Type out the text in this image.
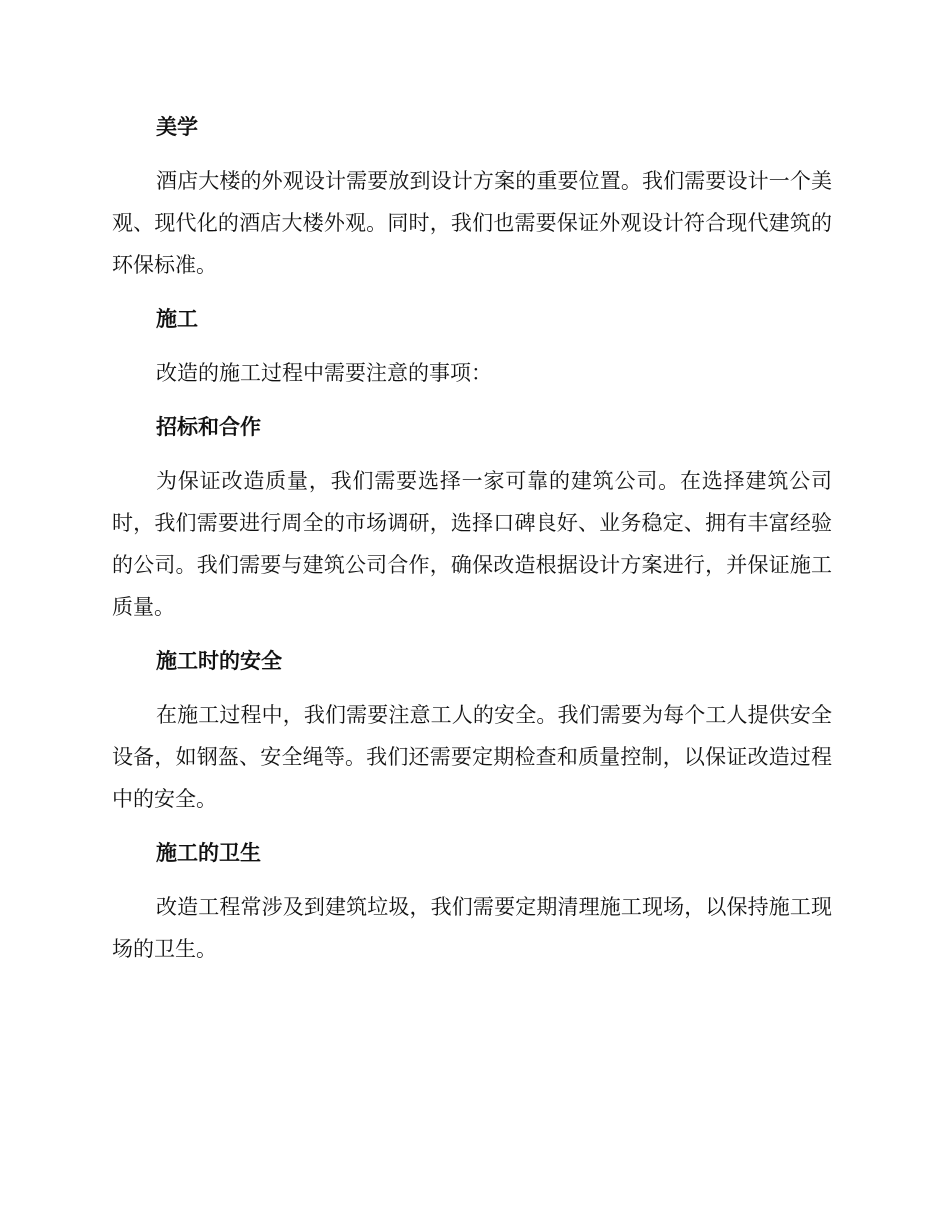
美学

酒店大楼的外观设计需要放到设计方案的重要位置。我们需要设计一个美观、现代化的酒店大楼外观。同时，我们也需要保证外观设计符合现代建筑的环保标准。

施工

改造的施工过程中需要注意的事项：

招标和合作

为保证改造质量，我们需要选择一家可靠的建筑公司。在选择建筑公司时，我们需要进行周全的市场调研，选择口碑良好、业务稳定、拥有丰富经验的公司。我们需要与建筑公司合作，确保改造根据设计方案进行，并保证施工质量。

施工时的安全

在施工过程中，我们需要注意工人的安全。我们需要为每个工人提供安全设备，如钢盔、安全绳等。我们还需要定期检查和质量控制，以保证改造过程中的安全。

施工的卫生

改造工程常涉及到建筑垃圾，我们需要定期清理施工现场，以保持施工现场的卫生。
